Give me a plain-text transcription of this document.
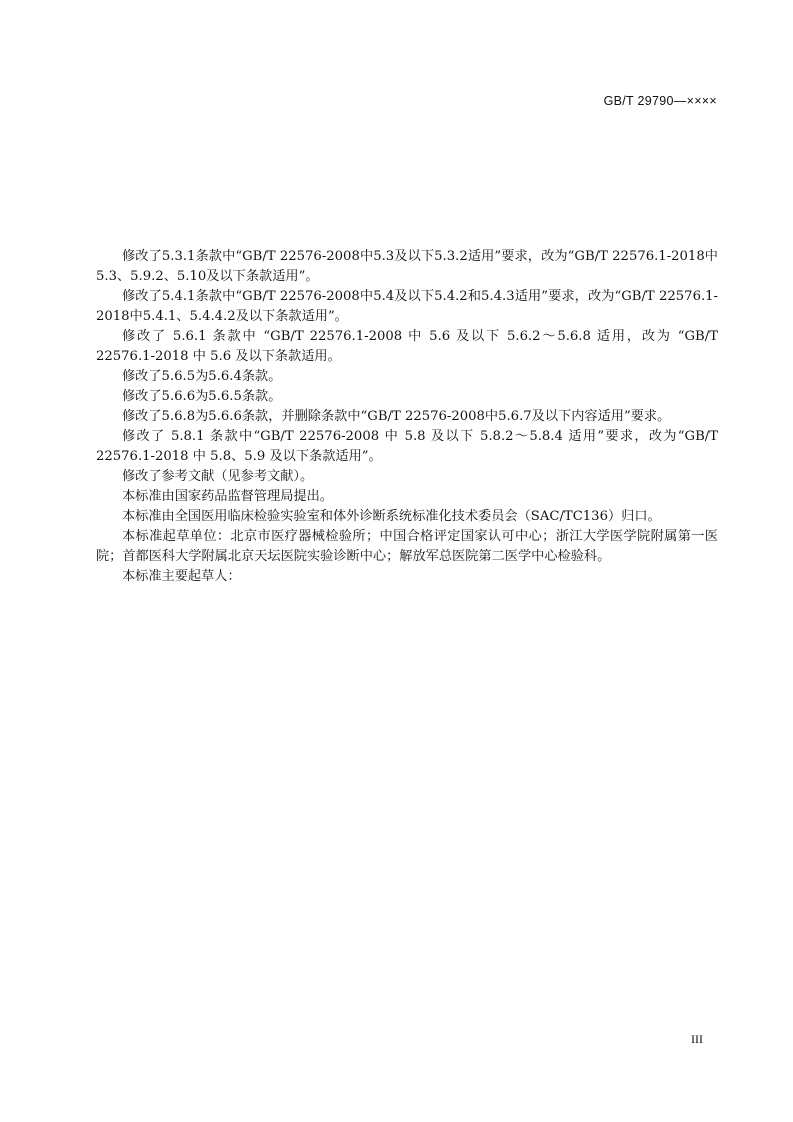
GB/T 29790—××××

修改了5.3.1条款中“GB/T 22576-2008中5.3及以下5.3.2适用”要求，改为“GB/T 22576.1-2018中5.3、5.9.2、5.10及以下条款适用”。

修改了5.4.1条款中“GB/T 22576-2008中5.4及以下5.4.2和5.4.3适用”要求，改为“GB/T 22576.1-2018中5.4.1、5.4.4.2及以下条款适用”。

修改了 5.6.1 条款中 “GB/T 22576.1-2008 中 5.6 及以下 5.6.2～5.6.8 适用，改为 “GB/T 22576.1-2018 中 5.6 及以下条款适用。

修改了5.6.5为5.6.4条款。

修改了5.6.6为5.6.5条款。

修改了5.6.8为5.6.6条款，并删除条款中“GB/T 22576-2008中5.6.7及以下内容适用”要求。

修改了 5.8.1 条款中“GB/T 22576-2008 中 5.8 及以下 5.8.2～5.8.4 适用”要求，改为“GB/T 22576.1-2018 中 5.8、5.9 及以下条款适用”。

修改了参考文献（见参考文献）。

本标准由国家药品监督管理局提出。

本标准由全国医用临床检验实验室和体外诊断系统标准化技术委员会（SAC/TC136）归口。

本标准起草单位：北京市医疗器械检验所；中国合格评定国家认可中心；浙江大学医学院附属第一医院；首都医科大学附属北京天坛医院实验诊断中心；解放军总医院第二医学中心检验科。

本标准主要起草人：

III
